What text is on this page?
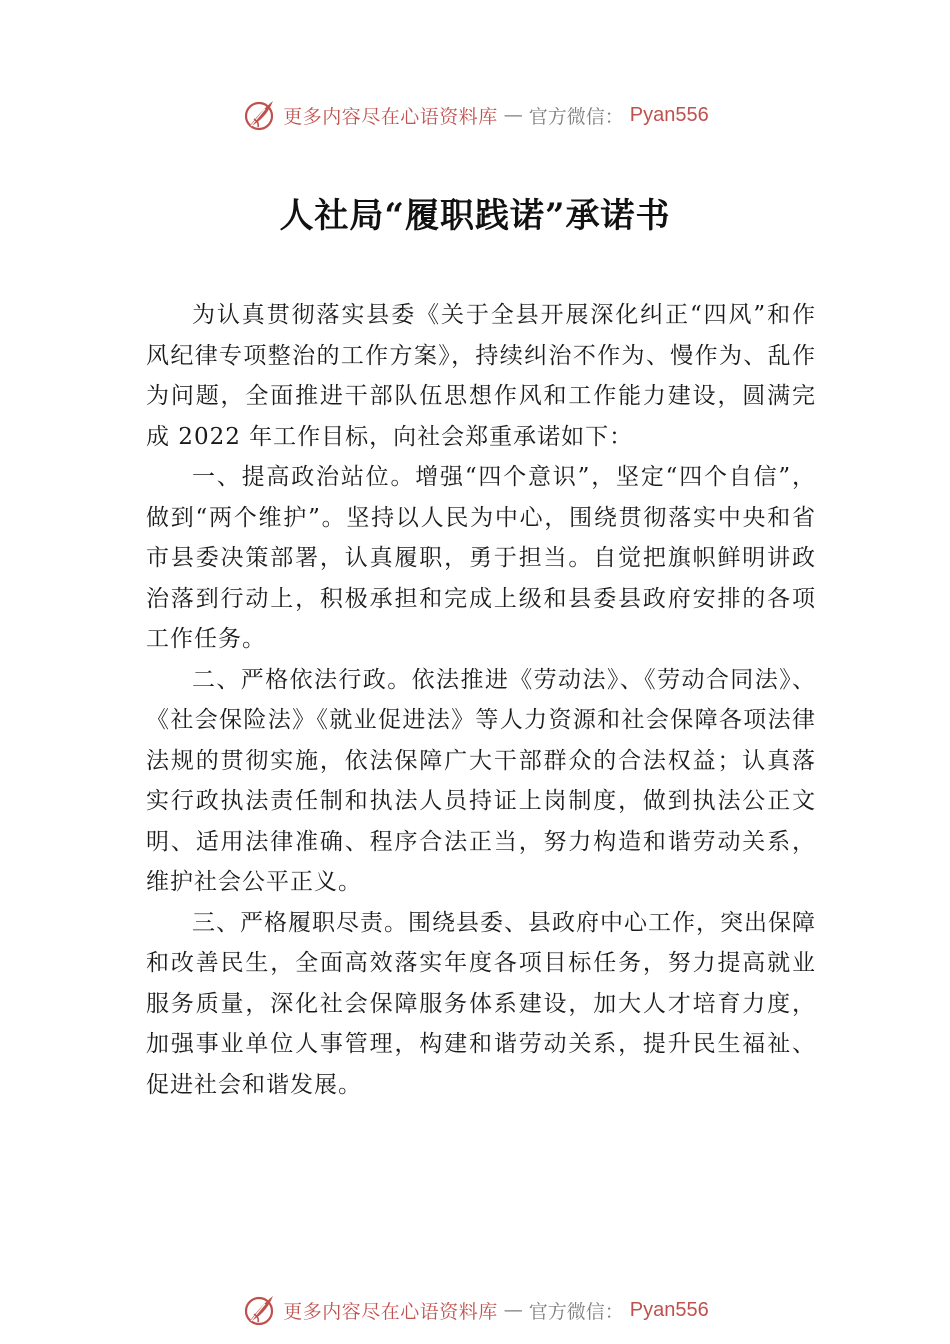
更多内容尽在心语资料库 — 官方微信： Pyan556
人社局“履职践诺”承诺书

为认真贯彻落实县委《关于全县开展深化纠正“四风”和作风纪律专项整治的工作方案》，持续纠治不作为、慢作为、乱作为问题，全面推进干部队伍思想作风和工作能力建设，圆满完成 2022 年工作目标，向社会郑重承诺如下：

一、提高政治站位。增强“四个意识”，坚定“四个自信”，做到“两个维护”。坚持以人民为中心，围绕贯彻落实中央和省市县委决策部署，认真履职，勇于担当。自觉把旗帜鲜明讲政治落到行动上，积极承担和完成上级和县委县政府安排的各项工作任务。

二、严格依法行政。依法推进《劳动法》、《劳动合同法》、《社会保险法》《就业促进法》等人力资源和社会保障各项法律法规的贯彻实施，依法保障广大干部群众的合法权益；认真落实行政执法责任制和执法人员持证上岗制度，做到执法公正文明、适用法律准确、程序合法正当，努力构造和谐劳动关系，维护社会公平正义。

三、严格履职尽责。围绕县委、县政府中心工作，突出保障和改善民生，全面高效落实年度各项目标任务，努力提高就业服务质量，深化社会保障服务体系建设，加大人才培育力度，加强事业单位人事管理，构建和谐劳动关系，提升民生福祉、促进社会和谐发展。

更多内容尽在心语资料库 — 官方微信： Pyan556
